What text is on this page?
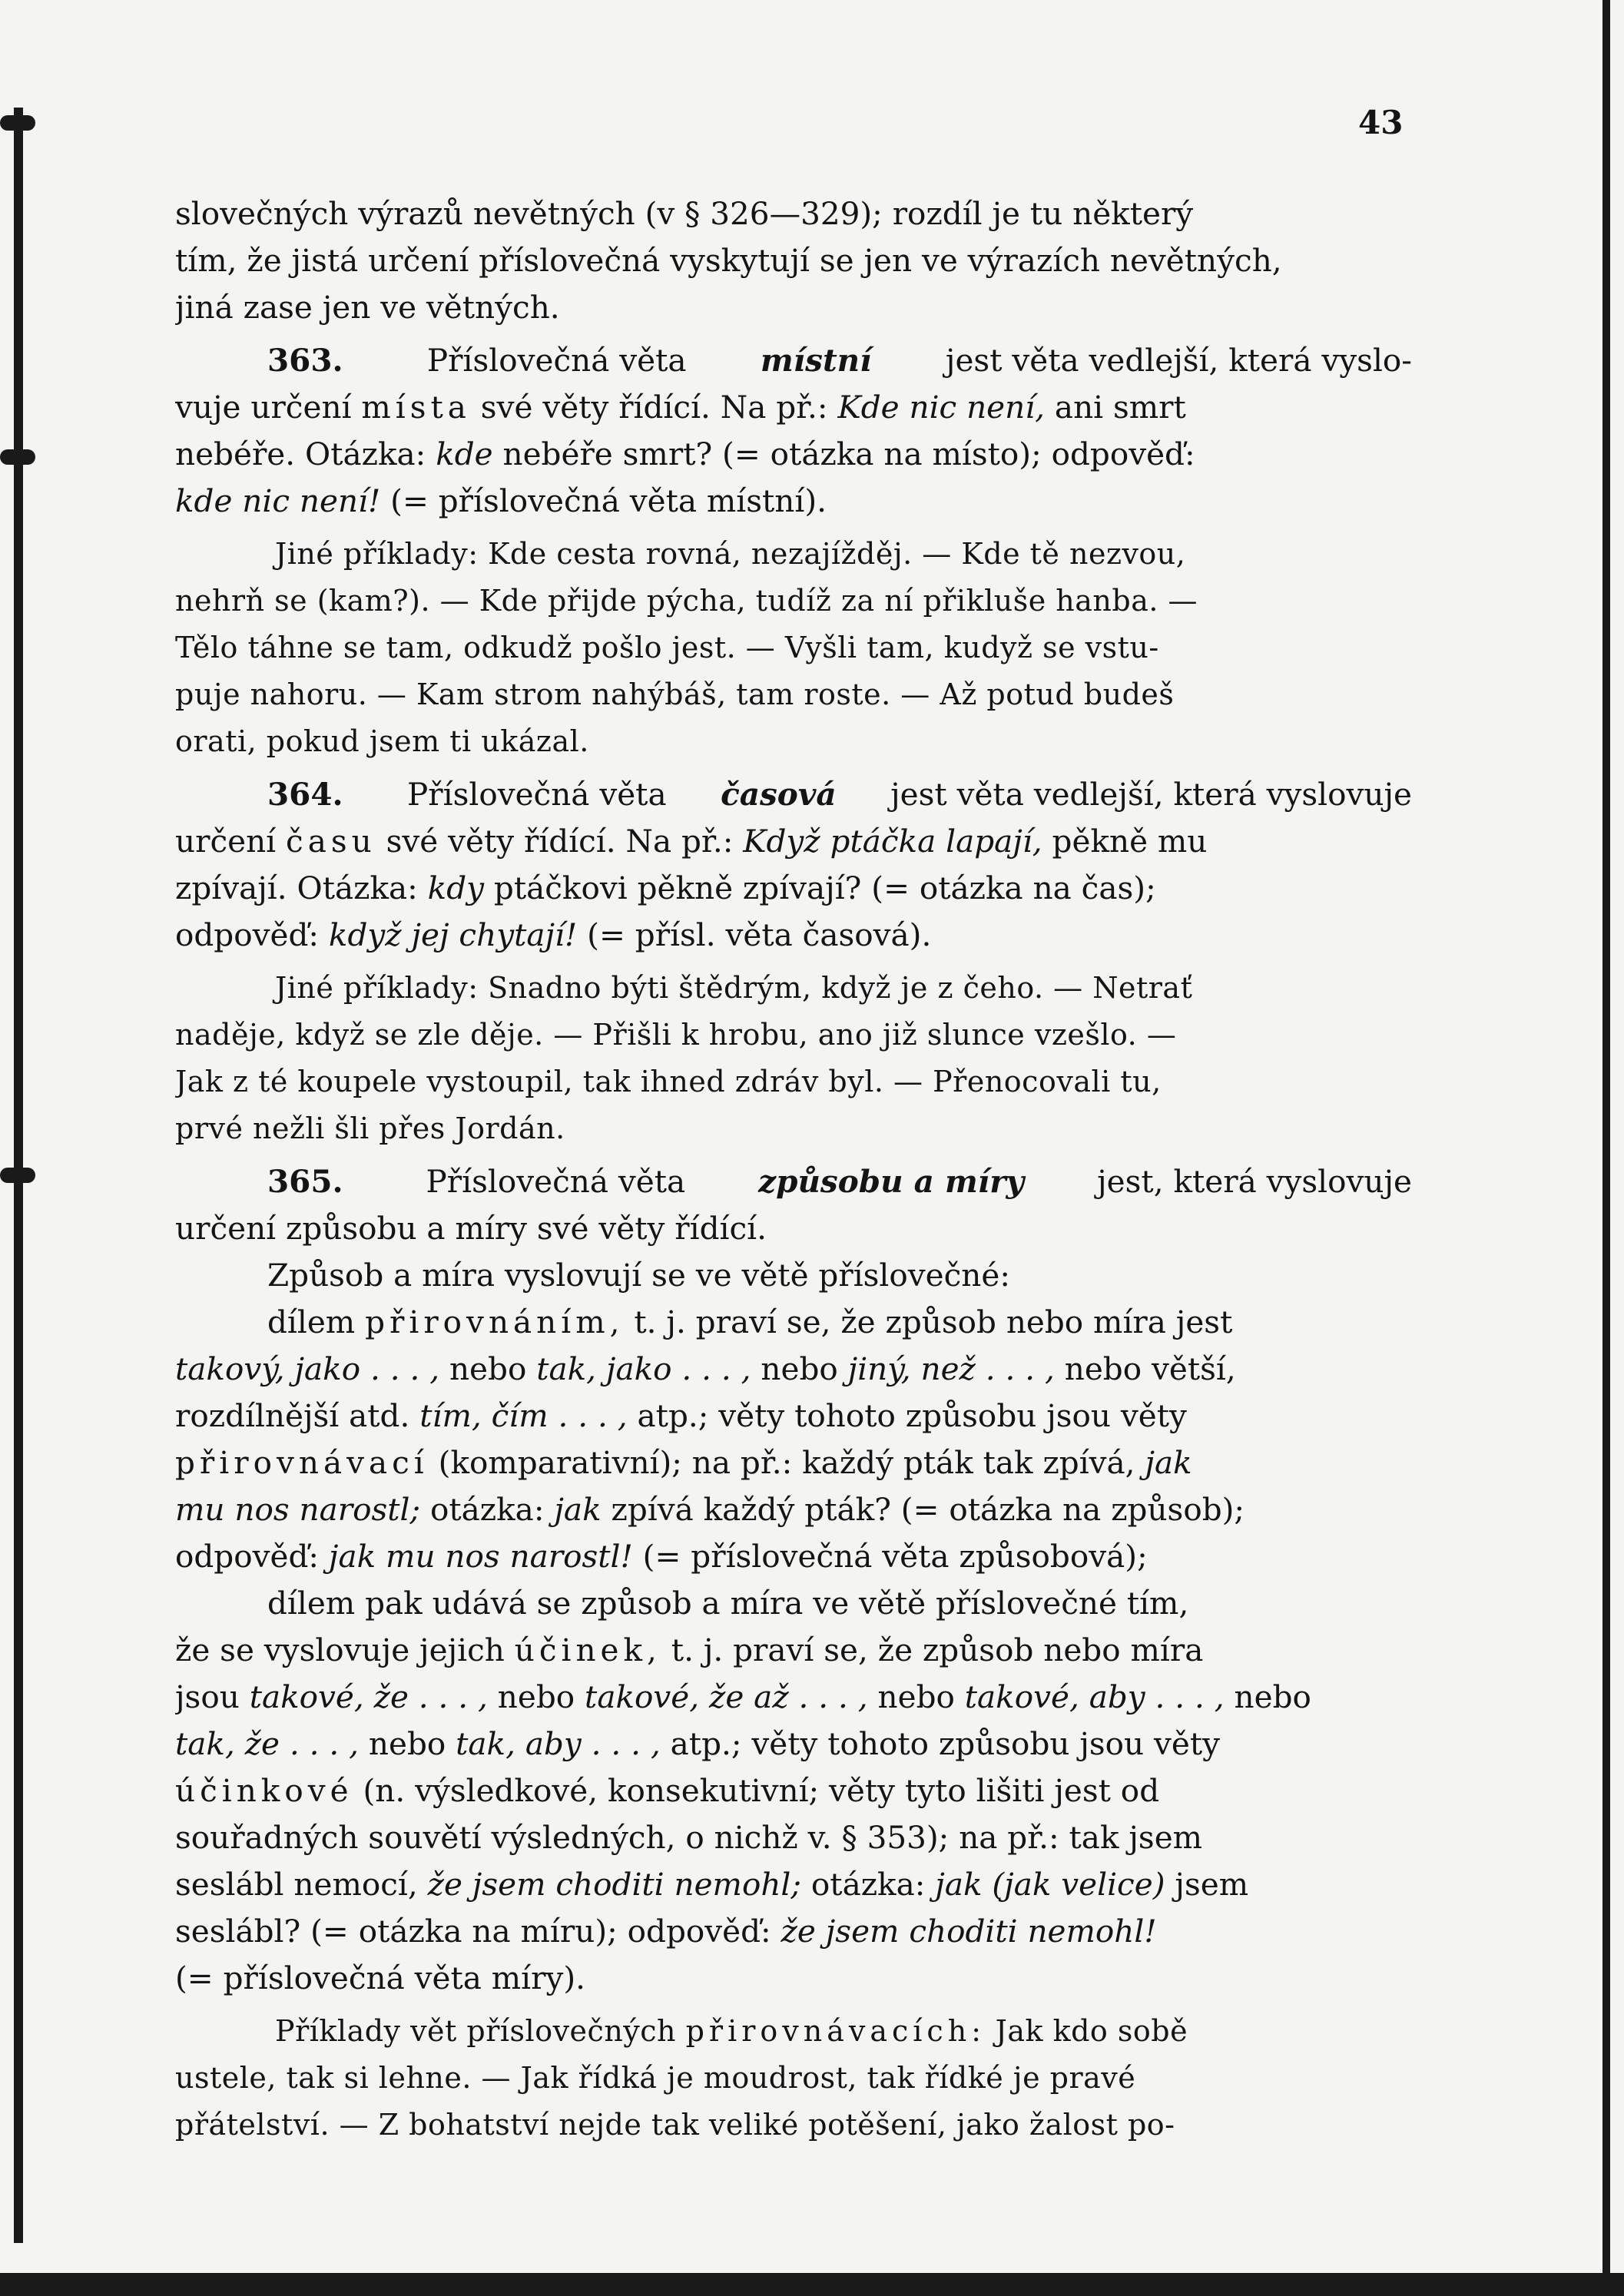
43
slovečných výrazů nevětných (v § 326—329); rozdíl je tu některý
tím, že jistá určení příslovečná vyskytují se jen ve výrazích nevětných,
jiná zase jen ve větných.
363. Příslovečná věta místní jest věta vedlejší, která vyslo-
vuje určení místa své věty řídící. Na př.: Kde nic není, ani smrt
nebéře. Otázka: kde nebéře smrt? (= otázka na místo); odpověď:
kde nic není! (= příslovečná věta místní).
Jiné příklady: Kde cesta rovná, nezajížděj. — Kde tě nezvou,
nehrň se (kam?). — Kde přijde pýcha, tudíž za ní přikluše hanba. —
Tělo táhne se tam, odkudž pošlo jest. — Vyšli tam, kudyž se vstu-
puje nahoru. — Kam strom nahýbáš, tam roste. — Až potud budeš
orati, pokud jsem ti ukázal.
364. Příslovečná věta časová jest věta vedlejší, která vyslovuje
určení času své věty řídící. Na př.: Když ptáčka lapají, pěkně mu
zpívají. Otázka: kdy ptáčkovi pěkně zpívají? (= otázka na čas);
odpověď: když jej chytají! (= přísl. věta časová).
Jiné příklady: Snadno býti štědrým, když je z čeho. — Netrať
naděje, když se zle děje. — Přišli k hrobu, ano již slunce vzešlo. —
Jak z té koupele vystoupil, tak ihned zdráv byl. — Přenocovali tu,
prvé nežli šli přes Jordán.
365. Příslovečná věta způsobu a míry jest, která vyslovuje
určení způsobu a míry své věty řídící.
Způsob a míra vyslovují se ve větě příslovečné:
dílem přirovnáním, t. j. praví se, že způsob nebo míra jest
takový, jako . . . , nebo tak, jako . . . , nebo jiný, než . . . , nebo větší,
rozdílnější atd. tím, čím . . . , atp.; věty tohoto způsobu jsou věty
přirovnávací (komparativní); na př.: každý pták tak zpívá, jak
mu nos narostl; otázka: jak zpívá každý pták? (= otázka na způsob);
odpověď: jak mu nos narostl! (= příslovečná věta způsobová);
dílem pak udává se způsob a míra ve větě příslovečné tím,
že se vyslovuje jejich účinek, t. j. praví se, že způsob nebo míra
jsou takové, že . . . , nebo takové, že až . . . , nebo takové, aby . . . , nebo
tak, že . . . , nebo tak, aby . . . , atp.; věty tohoto způsobu jsou věty
účinkové (n. výsledkové, konsekutivní; věty tyto lišiti jest od
souřadných souvětí výsledných, o nichž v. § 353); na př.: tak jsem
seslábl nemocí, že jsem choditi nemohl; otázka: jak (jak velice) jsem
seslábl? (= otázka na míru); odpověď: že jsem choditi nemohl!
(= příslovečná věta míry).
Příklady vět příslovečných přirovnávacích: Jak kdo sobě
ustele, tak si lehne. — Jak řídká je moudrost, tak řídké je pravé
přátelství. — Z bohatství nejde tak veliké potěšení, jako žalost po-
